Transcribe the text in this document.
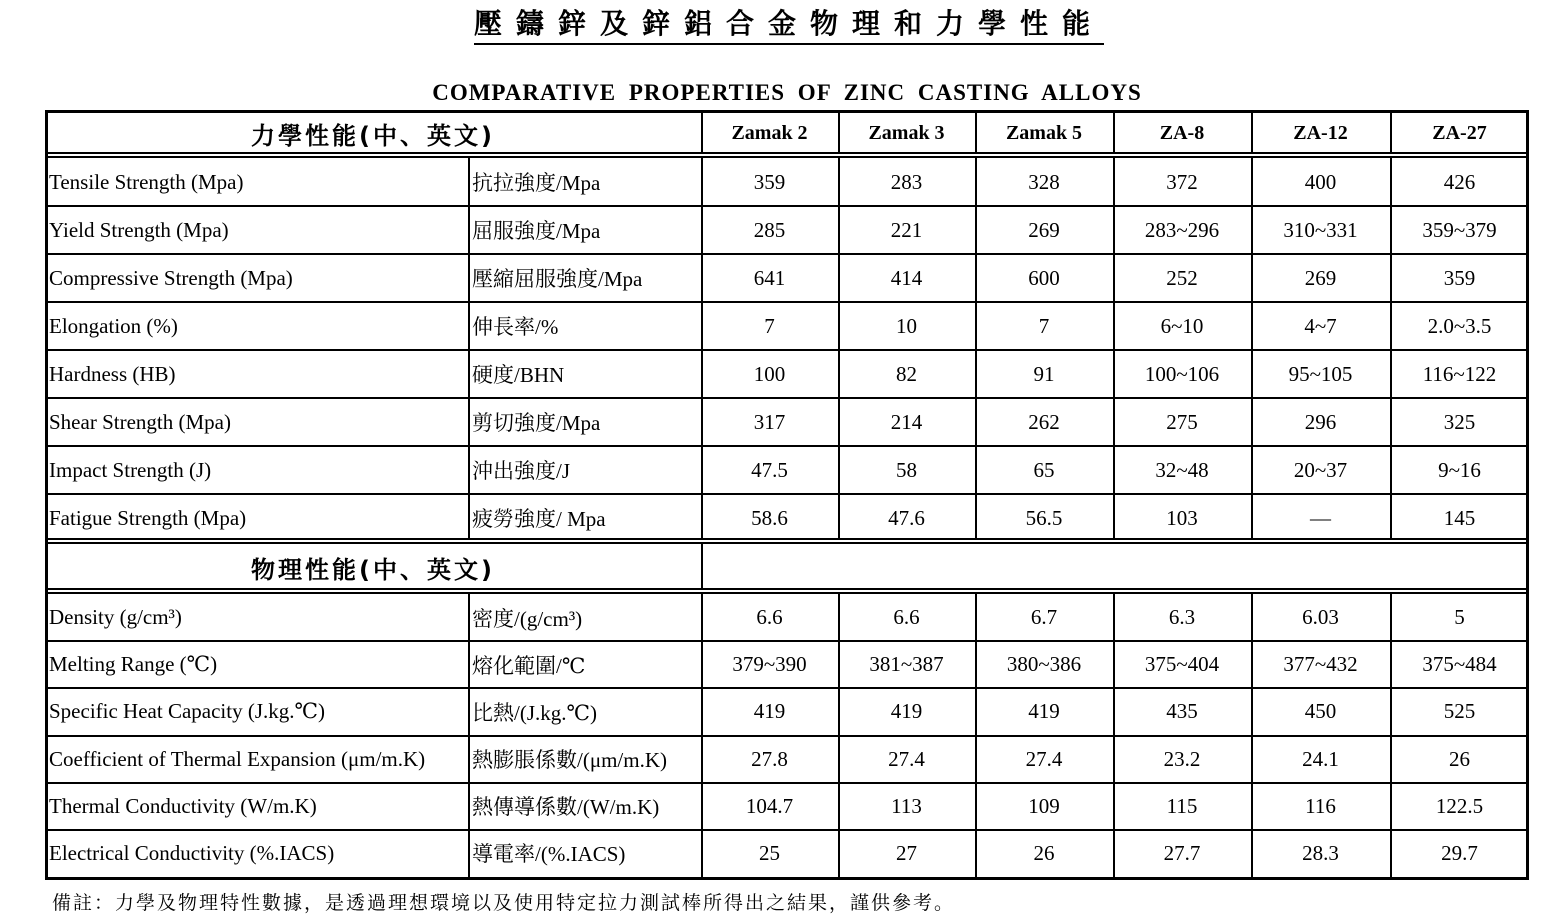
壓鑄鋅及鋅鋁合金物理和力學性能
COMPARATIVE PROPERTIES OF ZINC CASTING ALLOYS
力學性能(中、英文)	Zamak 2	Zamak 3	Zamak 5	ZA-8	ZA-12	ZA-27
Tensile Strength (Mpa)	抗拉強度/Mpa	359	283	328	372	400	426
Yield Strength (Mpa)	屈服強度/Mpa	285	221	269	283~296	310~331	359~379
Compressive Strength (Mpa)	壓縮屈服強度/Mpa	641	414	600	252	269	359
Elongation (%)	伸長率/%	7	10	7	6~10	4~7	2.0~3.5
Hardness (HB)	硬度/BHN	100	82	91	100~106	95~105	116~122
Shear Strength (Mpa)	剪切強度/Mpa	317	214	262	275	296	325
Impact Strength (J)	沖出強度/J	47.5	58	65	32~48	20~37	9~16
Fatigue Strength (Mpa)	疲勞強度/ Mpa	58.6	47.6	56.5	103	—	145
物理性能(中、英文)
Density (g/cm³)	密度/(g/cm³)	6.6	6.6	6.7	6.3	6.03	5
Melting Range (℃)	熔化範圍/℃	379~390	381~387	380~386	375~404	377~432	375~484
Specific Heat Capacity (J.kg.℃)	比熱/(J.kg.℃)	419	419	419	435	450	525
Coefficient of Thermal Expansion (μm/m.K)	熱膨脹係數/(μm/m.K)	27.8	27.4	27.4	23.2	24.1	26
Thermal Conductivity (W/m.K)	熱傳導係數/(W/m.K)	104.7	113	109	115	116	122.5
Electrical Conductivity (%.IACS)	導電率/(%.IACS)	25	27	26	27.7	28.3	29.7
備註：力學及物理特性數據，是透過理想環境以及使用特定拉力測試棒所得出之結果，謹供參考。
